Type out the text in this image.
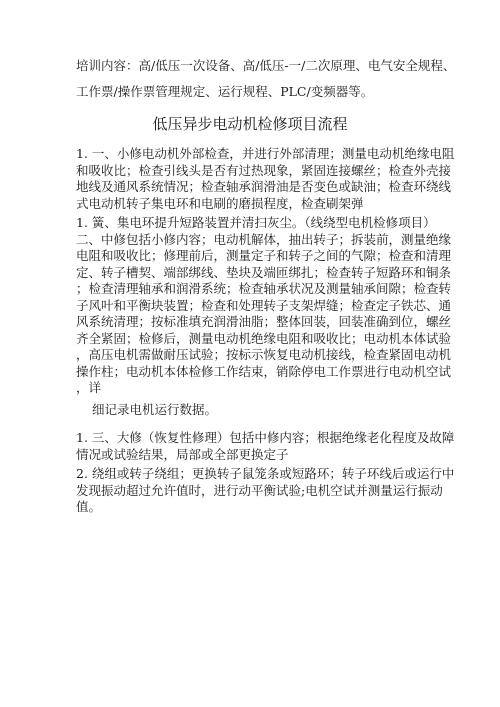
培训内容：高/低压一次设备、高/低压-一/二次原理、电气安全规程、
工作票/操作票管理规定、运行规程、PLC/变频器等。
低压异步电动机检修项目流程
1. 一、小修电动机外部检查，并进行外部清理；测量电动机绝缘电阻
和吸收比；检查引线头是否有过热现象，紧固连接螺丝；检查外壳接
地线及通风系统情况；检查轴承润滑油是否变色或缺油；检查环绕线
式电动机转子集电环和电刷的磨损程度，检查刷架弹
1. 簧、集电环提升短路装置并清扫灰尘。（线绕型电机检修项目）
二、中修包括小修内容；电动机解体，抽出转子；拆装前，测量绝缘
电阻和吸收比；修理前后，测量定子和转子之间的气隙；检查和清理
定、转子槽契、端部绑线、垫块及端匝绑扎；检查转子短路环和铜条
；检查清理轴承和润滑系统；检查轴承状况及测量轴承间隙；检查转
子风叶和平衡块装置；检查和处理转子支架焊缝；检查定子铁芯、通
风系统清理；按标准填充润滑油脂；整体回装，回装准确到位，螺丝
齐全紧固；检修后，测量电动机绝缘电阻和吸收比；电动机本体试验
，高压电机需做耐压试验；按标示恢复电动机接线，检查紧固电动机
操作柱；电动机本体检修工作结束，销除停电工作票进行电动机空试
，详
细记录电机运行数据。
1. 三、大修（恢复性修理）包括中修内容；根据绝缘老化程度及故障
情况或试验结果，局部或全部更换定子
2. 绕组或转子绕组；更换转子鼠笼条或短路环；转子环线后或运行中
发现振动超过允许值时，进行动平衡试验;电机空试并测量运行振动
值。
